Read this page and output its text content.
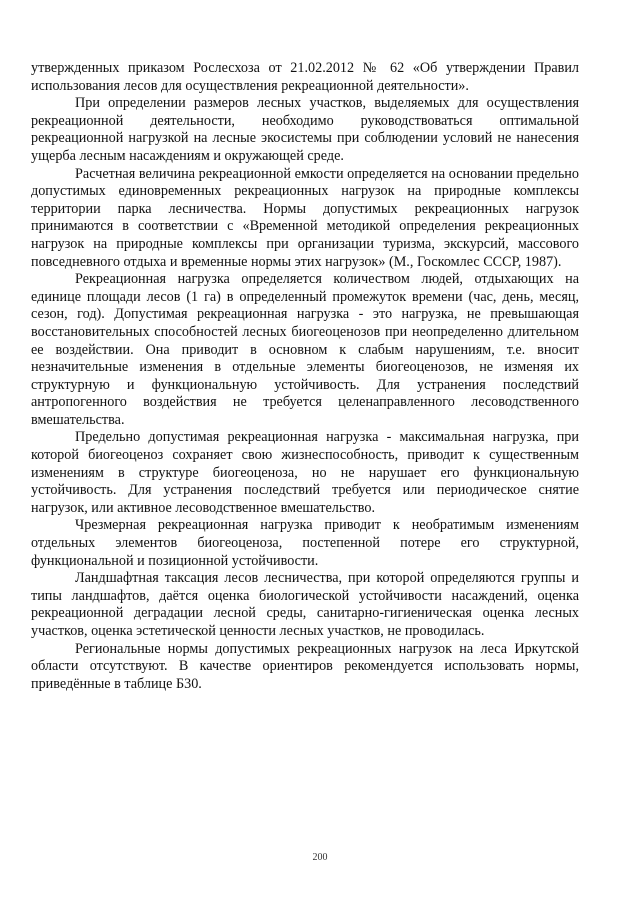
утвержденных приказом Рослесхоза от 21.02.2012 № 62 «Об утверждении Правил использования лесов для осуществления рекреационной деятельности».

При определении размеров лесных участков, выделяемых для осуществления рекреационной деятельности, необходимо руководствоваться оптимальной рекреационной нагрузкой на лесные экосистемы при соблюдении условий не нанесения ущерба лесным насаждениям и окружающей среде.

Расчетная величина рекреационной емкости определяется на основании предельно допустимых единовременных рекреационных нагрузок на природные комплексы территории парка лесничества. Нормы допустимых рекреационных нагрузок принимаются в соответствии с «Временной методикой определения рекреационных нагрузок на природные комплексы при организации туризма, экскурсий, массового повседневного отдыха и временные нормы этих нагрузок» (М., Госкомлес СССР, 1987).

Рекреационная нагрузка определяется количеством людей, отдыхающих на единице площади лесов (1 га) в определенный промежуток времени (час, день, месяц, сезон, год). Допустимая рекреационная нагрузка - это нагрузка, не превышающая восстановительных способностей лесных биогеоценозов при неопределенно длительном ее воздействии. Она приводит в основном к слабым нарушениям, т.е. вносит незначительные изменения в отдельные элементы биогеоценозов, не изменяя их структурную и функциональную устойчивость. Для устранения последствий антропогенного воздействия не требуется целенаправленного лесоводственного вмешательства.

Предельно допустимая рекреационная нагрузка - максимальная нагрузка, при которой биогеоценоз сохраняет свою жизнеспособность, приводит к существенным изменениям в структуре биогеоценоза, но не нарушает его функциональную устойчивость. Для устранения последствий требуется или периодическое снятие нагрузок, или активное лесоводственное вмешательство.

Чрезмерная рекреационная нагрузка приводит к необратимым изменениям отдельных элементов биогеоценоза, постепенной потере его структурной, функциональной и позиционной устойчивости.

Ландшафтная таксация лесов лесничества, при которой определяются группы и типы ландшафтов, даётся оценка биологической устойчивости насаждений, оценка рекреационной деградации лесной среды, санитарно-гигиеническая оценка лесных участков, оценка эстетической ценности лесных участков, не проводилась.

Региональные нормы допустимых рекреационных нагрузок на леса Иркутской области отсутствуют. В качестве ориентиров рекомендуется использовать нормы, приведённые в таблице Б30.

200
